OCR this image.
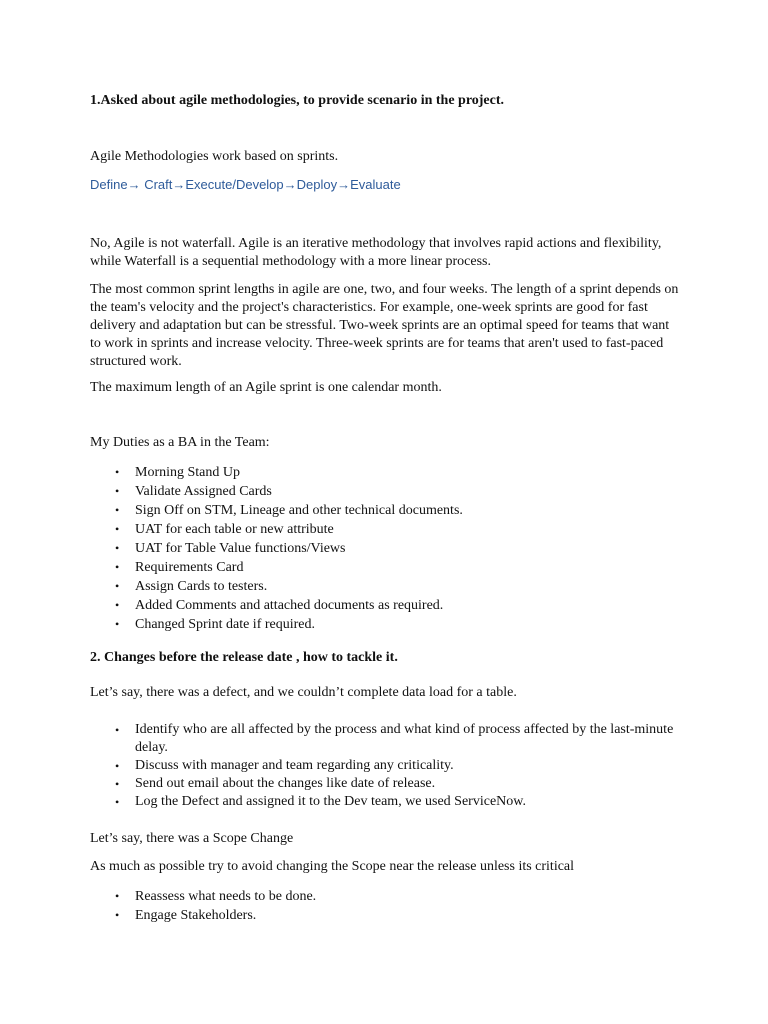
1.Asked about agile methodologies, to provide scenario in the project.

Agile Methodologies work based on sprints.

Define→ Craft→Execute/Develop→Deploy→Evaluate

No, Agile is not waterfall. Agile is an iterative methodology that involves rapid actions and flexibility, while Waterfall is a sequential methodology with a more linear process.

The most common sprint lengths in agile are one, two, and four weeks. The length of a sprint depends on the team's velocity and the project's characteristics. For example, one-week sprints are good for fast delivery and adaptation but can be stressful. Two-week sprints are an optimal speed for teams that want to work in sprints and increase velocity. Three-week sprints are for teams that aren't used to fast-paced structured work.

The maximum length of an Agile sprint is one calendar month.

My Duties as a BA in the Team:

• Morning Stand Up
• Validate Assigned Cards
• Sign Off on STM, Lineage and other technical documents.
• UAT for each table or new attribute
• UAT for Table Value functions/Views
• Requirements Card
• Assign Cards to testers.
• Added Comments and attached documents as required.
• Changed Sprint date if required.

2. Changes before the release date , how to tackle it.

Let’s say, there was a defect, and we couldn’t complete data load for a table.

• Identify who are all affected by the process and what kind of process affected by the last-minute delay.
• Discuss with manager and team regarding any criticality.
• Send out email about the changes like date of release.
• Log the Defect and assigned it to the Dev team, we used ServiceNow.

Let’s say, there was a Scope Change

As much as possible try to avoid changing the Scope near the release unless its critical

• Reassess what needs to be done.
• Engage Stakeholders.
